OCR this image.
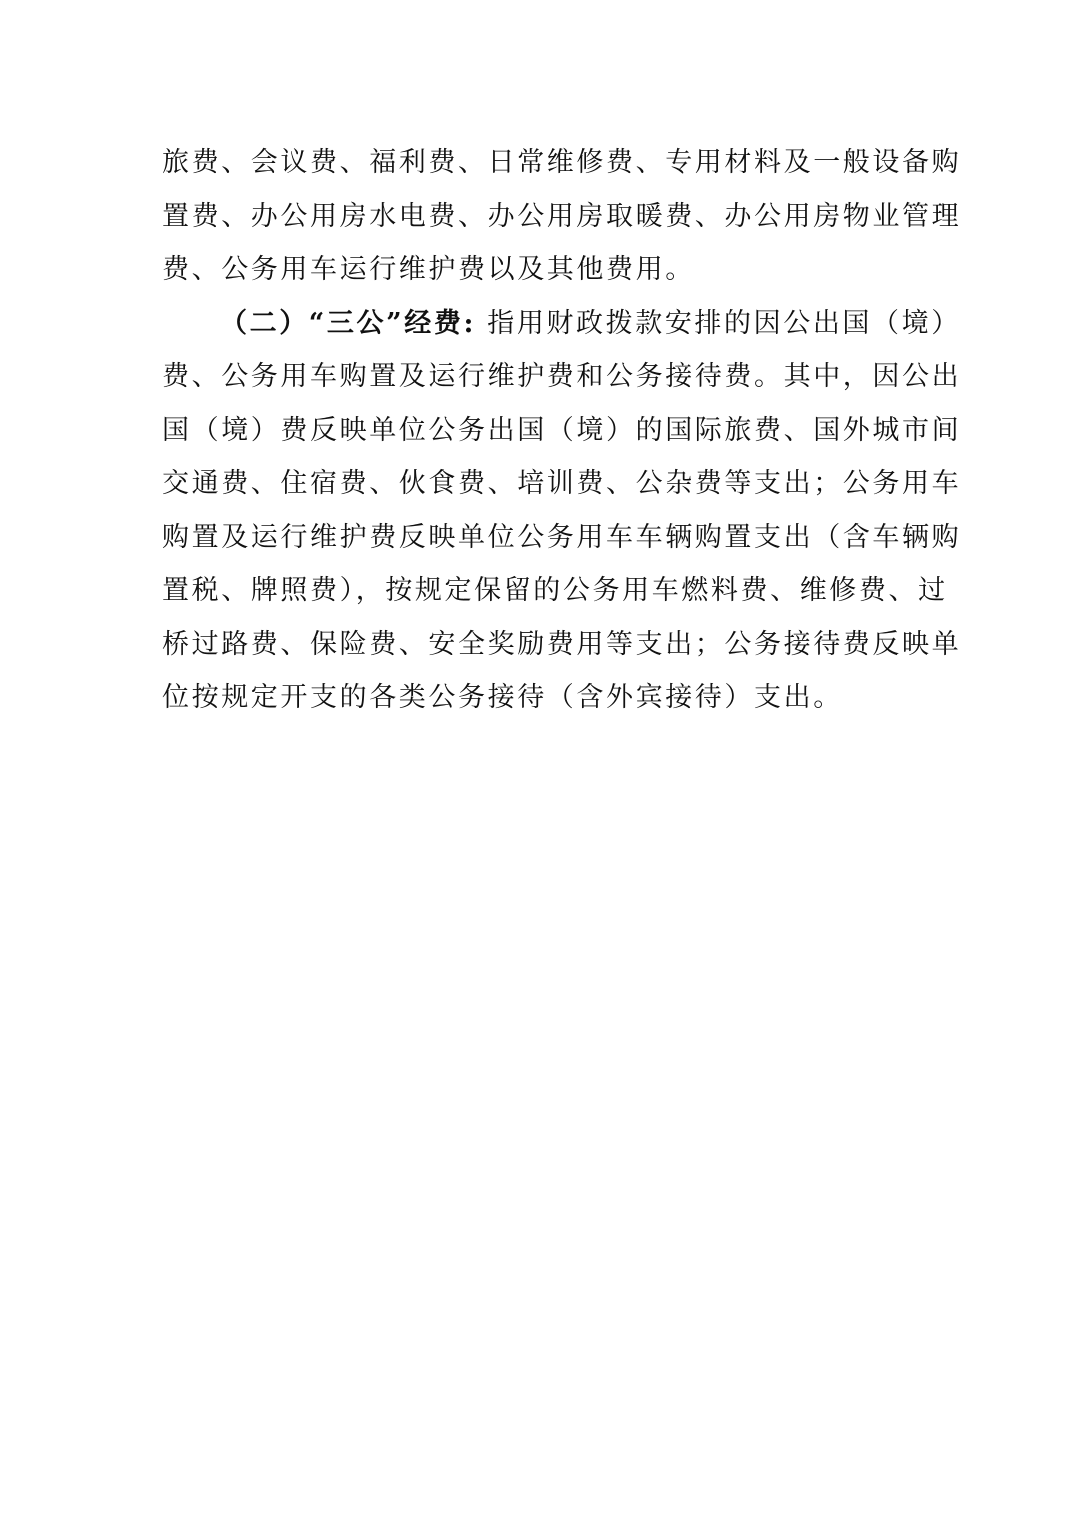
旅费、会议费、福利费、日常维修费、专用材料及一般设备购
置费、办公用房水电费、办公用房取暖费、办公用房物业管理
费、公务用车运行维护费以及其他费用。
（二）“三公”经费: 指用财政拨款安排的因公出国（境）
费、公务用车购置及运行维护费和公务接待费。其中，因公出
国（境）费反映单位公务出国（境）的国际旅费、国外城市间
交通费、住宿费、伙食费、培训费、公杂费等支出；公务用车
购置及运行维护费反映单位公务用车车辆购置支出（含车辆购
置税、牌照费），按规定保留的公务用车燃料费、维修费、过
桥过路费、保险费、安全奖励费用等支出；公务接待费反映单
位按规定开支的各类公务接待（含外宾接待）支出。
